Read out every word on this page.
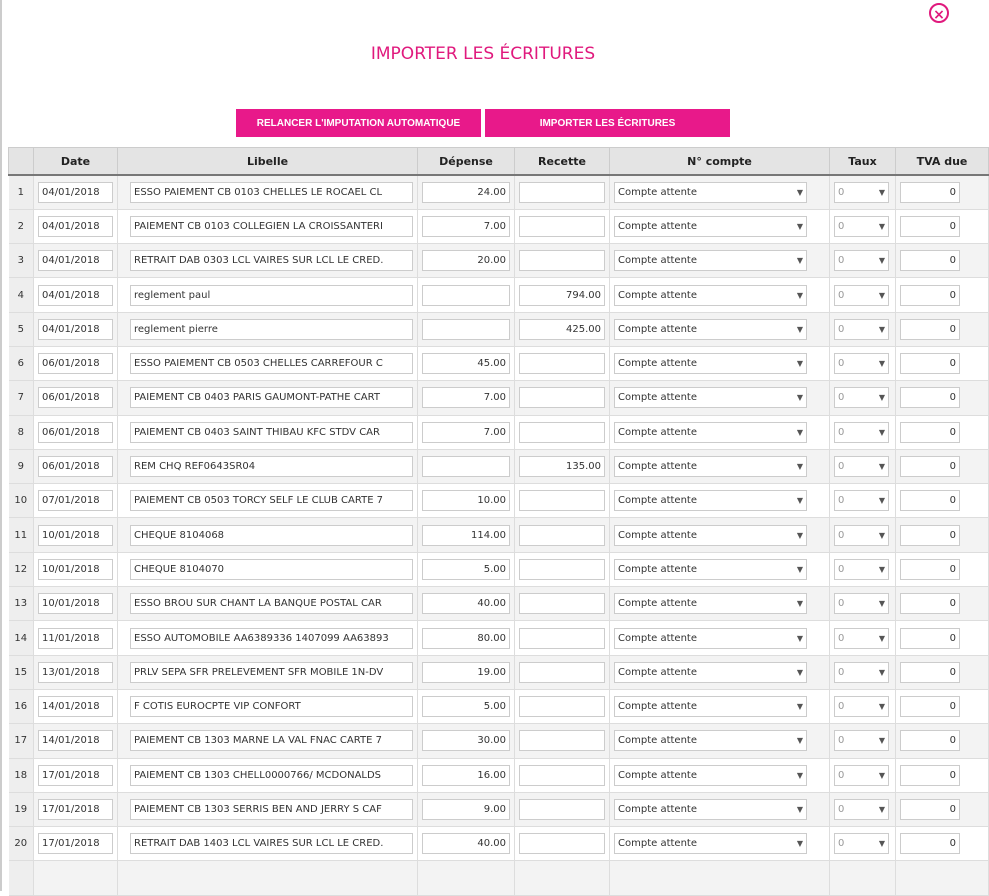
×
IMPORTER LES ÉCRITURES
RELANCER L'IMPUTATION AUTOMATIQUE	IMPORTER LES ÉCRITURES
	Date	Libelle	Dépense	Recette	N° compte	Taux	TVA due
1	04/01/2018	ESSO PAIEMENT CB 0103 CHELLES LE ROCAEL CL	24.00		Compte attente ▼	0 ▼	0

2	04/01/2018	PAIEMENT CB 0103 COLLEGIEN LA CROISSANTERI	7.00		Compte attente ▼	0 ▼	0

3	04/01/2018	RETRAIT DAB 0303 LCL VAIRES SUR LCL LE CRED.	20.00		Compte attente ▼	0 ▼	0

4	04/01/2018	reglement paul		794.00	Compte attente ▼	0 ▼	0

5	04/01/2018	reglement pierre		425.00	Compte attente ▼	0 ▼	0

6	06/01/2018	ESSO PAIEMENT CB 0503 CHELLES CARREFOUR C	45.00		Compte attente ▼	0 ▼	0

7	06/01/2018	PAIEMENT CB 0403 PARIS GAUMONT-PATHE CART	7.00		Compte attente ▼	0 ▼	0

8	06/01/2018	PAIEMENT CB 0403 SAINT THIBAU KFC STDV CAR	7.00		Compte attente ▼	0 ▼	0

9	06/01/2018	REM CHQ REF0643SR04		135.00	Compte attente ▼	0 ▼	0

10	07/01/2018	PAIEMENT CB 0503 TORCY SELF LE CLUB CARTE 7	10.00		Compte attente ▼	0 ▼	0

11	10/01/2018	CHEQUE 8104068	114.00		Compte attente ▼	0 ▼	0

12	10/01/2018	CHEQUE 8104070	5.00		Compte attente ▼	0 ▼	0

13	10/01/2018	ESSO BROU SUR CHANT LA BANQUE POSTAL CAR	40.00		Compte attente ▼	0 ▼	0

14	11/01/2018	ESSO AUTOMOBILE AA6389336 1407099 AA63893	80.00		Compte attente ▼	0 ▼	0

15	13/01/2018	PRLV SEPA SFR PRELEVEMENT SFR MOBILE 1N-DV	19.00		Compte attente ▼	0 ▼	0

16	14/01/2018	F COTIS EUROCPTE VIP CONFORT	5.00		Compte attente ▼	0 ▼	0

17	14/01/2018	PAIEMENT CB 1303 MARNE LA VAL FNAC CARTE 7	30.00		Compte attente ▼	0 ▼	0

18	17/01/2018	PAIEMENT CB 1303 CHELL0000766/ MCDONALDS	16.00		Compte attente ▼	0 ▼	0

19	17/01/2018	PAIEMENT CB 1303 SERRIS BEN AND JERRY S CAF	9.00		Compte attente ▼	0 ▼	0

20	17/01/2018	RETRAIT DAB 1403 LCL VAIRES SUR LCL LE CRED.	40.00		Compte attente ▼	0 ▼	0
